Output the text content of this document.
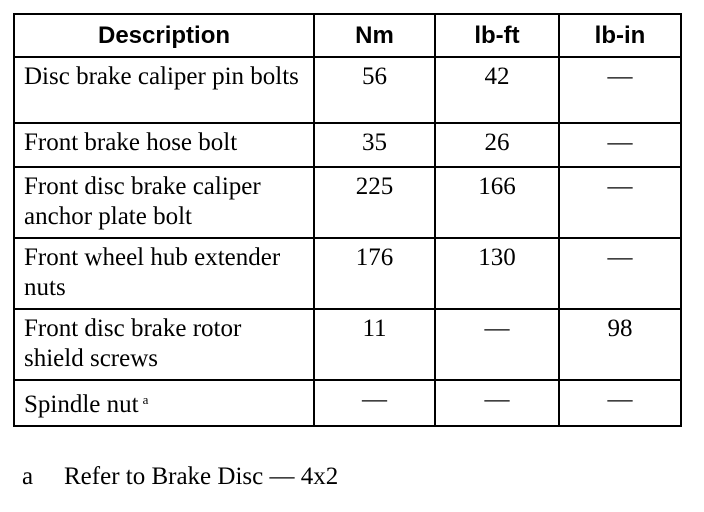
Description	Nm	lb-ft	lb-in
Disc brake caliper pin bolts	56	42	—
Front brake hose bolt	35	26	—
Front disc brake caliper anchor plate bolt	225	166	—
Front wheel hub extender nuts	176	130	—
Front disc brake rotor shield screws	11	—	98
Spindle nut $^a$	—	—	—
a Refer to Brake Disc — 4x2
